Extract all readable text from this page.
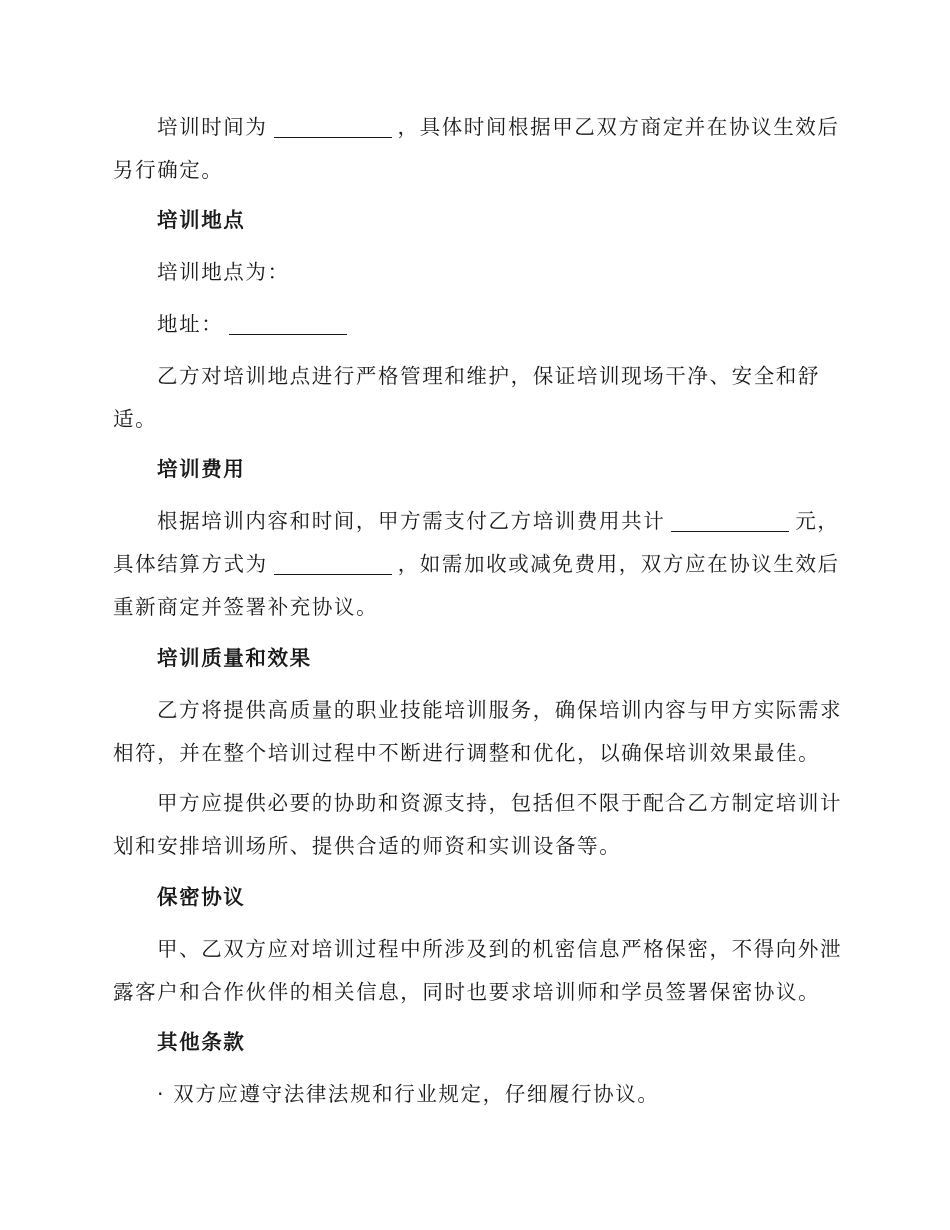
培训时间为	，具体时间根据甲乙双方商定并在协议生效后
另行确定。
培训地点
培训地点为：
地址：
乙方对培训地点进行严格管理和维护，保证培训现场干净、安全和舒
适。
培训费用
根据培训内容和时间，甲方需支付乙方培训费用共计	元，
具体结算方式为	，如需加收或减免费用，双方应在协议生效后
重新商定并签署补充协议。
培训质量和效果
乙方将提供高质量的职业技能培训服务，确保培训内容与甲方实际需求
相符，并在整个培训过程中不断进行调整和优化，以确保培训效果最佳。
甲方应提供必要的协助和资源支持，包括但不限于配合乙方制定培训计
划和安排培训场所、提供合适的师资和实训设备等。
保密协议
甲、乙双方应对培训过程中所涉及到的机密信息严格保密，不得向外泄
露客户和合作伙伴的相关信息，同时也要求培训师和学员签署保密协议。
其他条款
· 双方应遵守法律法规和行业规定，仔细履行协议。
